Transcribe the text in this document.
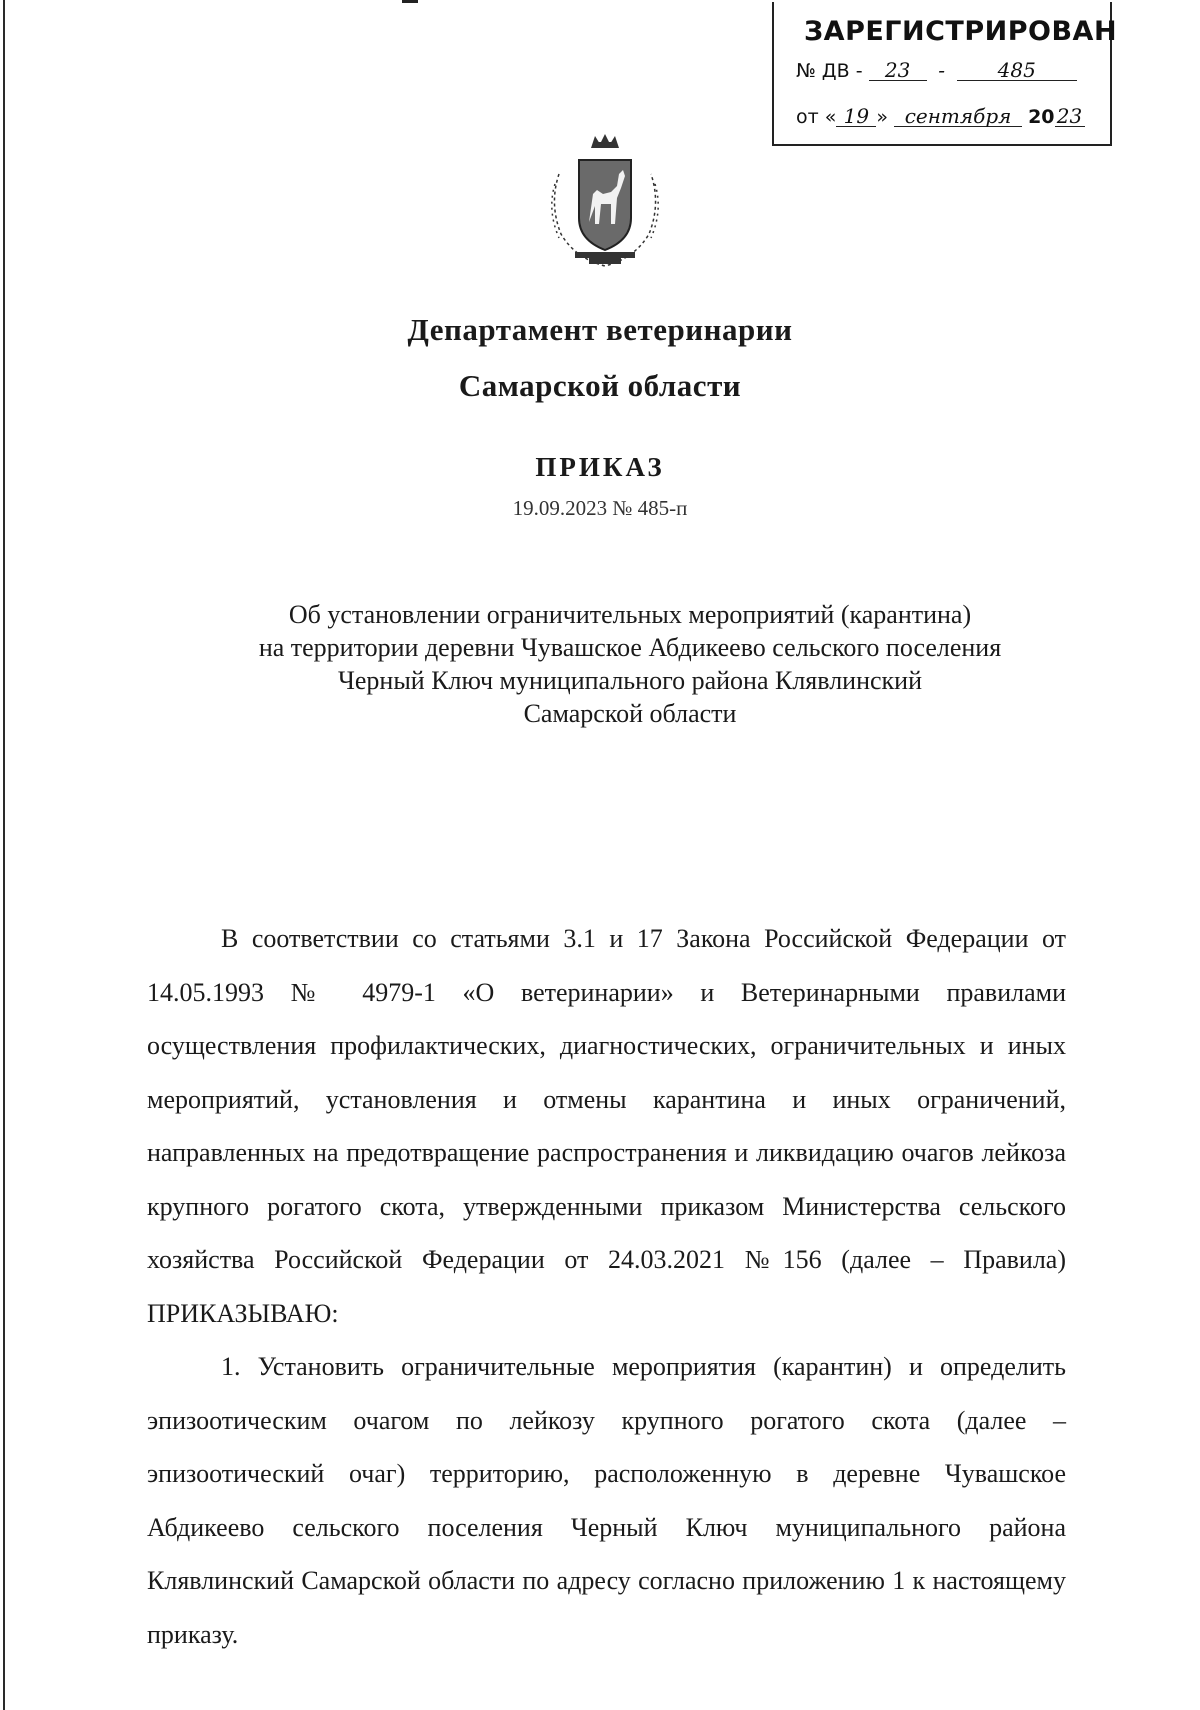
ЗАРЕГИСТРИРОВАН
№ ДВ - 23 -	485
от « 19 » сентября 20 23
Департамент ветеринарии
Самарской области
ПРИКАЗ
19.09.2023 № 485-п
Об установлении ограничительных мероприятий (карантина)
на территории деревни Чувашское Абдикеево сельского поселения
Черный Ключ муниципального района Клявлинский
Самарской области

В соответствии со статьями 3.1 и 17 Закона Российской Федерации от 14.05.1993 № 4979-1 «О ветеринарии» и Ветеринарными правилами осуществления профилактических, диагностических, ограничительных и иных мероприятий, установления и отмены карантина и иных ограничений, направленных на предотвращение распространения и ликвидацию очагов лейкоза крупного рогатого скота, утвержденными приказом Министерства сельского хозяйства Российской Федерации от 24.03.2021 №156 (далее – Правила) ПРИКАЗЫВАЮ:

1. Установить ограничительные мероприятия (карантин) и определить эпизоотическим очагом по лейкозу крупного рогатого скота (далее – эпизоотический очаг) территорию, расположенную в деревне Чувашское Абдикеево сельского поселения Черный Ключ муниципального района Клявлинский Самарской области по адресу согласно приложению 1 к настоящему приказу.
